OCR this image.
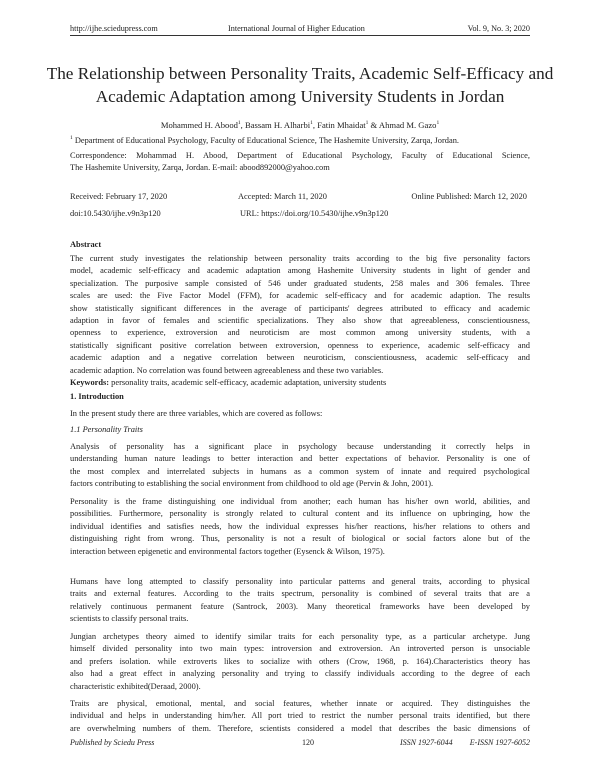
http://ijhe.sciedupress.com	International Journal of Higher Education	Vol. 9, No. 3; 2020
The Relationship between Personality Traits, Academic Self-Efficacy and
Academic Adaptation among University Students in Jordan
Mohammed H. Abood$^1$, Bassam H. Alharbi$^1$, Fatin Mhaidat$^1$ & Ahmad M. Gazo$^1$
$^1$ Department of Educational Psychology, Faculty of Educational Science, The Hashemite University, Zarqa, Jordan.
Correspondence: Mohammad H. Abood, Department of Educational Psychology, Faculty of Educational Science,
The Hashemite University, Zarqa, Jordan. E-mail: abood892000@yahoo.com
Received: February 17, 2020	Accepted: March 11, 2020	Online Published: March 12, 2020
doi:10.5430/ijhe.v9n3p120	URL: https://doi.org/10.5430/ijhe.v9n3p120
Abstract
The current study investigates the relationship between personality traits according to the big five personality factors
model, academic self-efficacy and academic adaptation among Hashemite University students in light of gender and
specialization. The purposive sample consisted of 546 under graduated students, 258 males and 306 females. Three
scales are used: the Five Factor Model (FFM), for academic self-efficacy and for academic adaption. The results
show statistically significant differences in the average of participants' degrees attributed to efficacy and academic
adaption in favor of females and scientific specializations. They also show that agreeableness, conscientiousness,
openness to experience, extroversion and neuroticism are most common among university students, with a
statistically significant positive correlation between extroversion, openness to experience, academic self-efficacy and
academic adaption and a negative correlation between neuroticism, conscientiousness, academic self-efficacy and
academic adaption. No correlation was found between agreeableness and these two variables.
Keywords: personality traits, academic self-efficacy, academic adaptation, university students
1. Introduction
In the present study there are three variables, which are covered as follows:
1.1 Personality Traits
Analysis of personality has a significant place in psychology because understanding it correctly helps in
understanding human nature leadings to better interaction and better expectations of behavior. Personality is one of
the most complex and interrelated subjects in humans as a common system of innate and required psychological
factors contributing to establishing the social environment from childhood to old age (Pervin & John, 2001).
Personality is the frame distinguishing one individual from another; each human has his/her own world, abilities, and
possibilities. Furthermore, personality is strongly related to cultural content and its influence on upbringing, how the
individual identifies and satisfies needs, how the individual expresses his/her reactions, his/her relations to others and
distinguishing right from wrong. Thus, personality is not a result of biological or social factors alone but of the
interaction between epigenetic and environmental factors together (Eysenck & Wilson, 1975).
Humans have long attempted to classify personality into particular patterns and general traits, according to physical
traits and external features. According to the traits spectrum, personality is combined of several traits that are a
relatively continuous permanent feature (Santrock, 2003). Many theoretical frameworks have been developed by
scientists to classify personal traits.
Jungian archetypes theory aimed to identify similar traits for each personality type, as a particular archetype. Jung
himself divided personality into two main types: introversion and extroversion. An introverted person is unsociable
and prefers isolation. while extroverts likes to socialize with others (Crow, 1968, p. 164).Characteristics theory has
also had a great effect in analyzing personality and trying to classify individuals according to the degree of each
characteristic exhibited(Deraad, 2000).
Traits are physical, emotional, mental, and social features, whether innate or acquired. They distinguishes the
individual and helps in understanding him/her. All port tried to restrict the number personal traits identified, but there
are overwhelming numbers of them. Therefore, scientists considered a model that describes the basic dimensions of
Published by Sciedu Press	120	ISSN 1927-6044 E-ISSN 1927-6052
